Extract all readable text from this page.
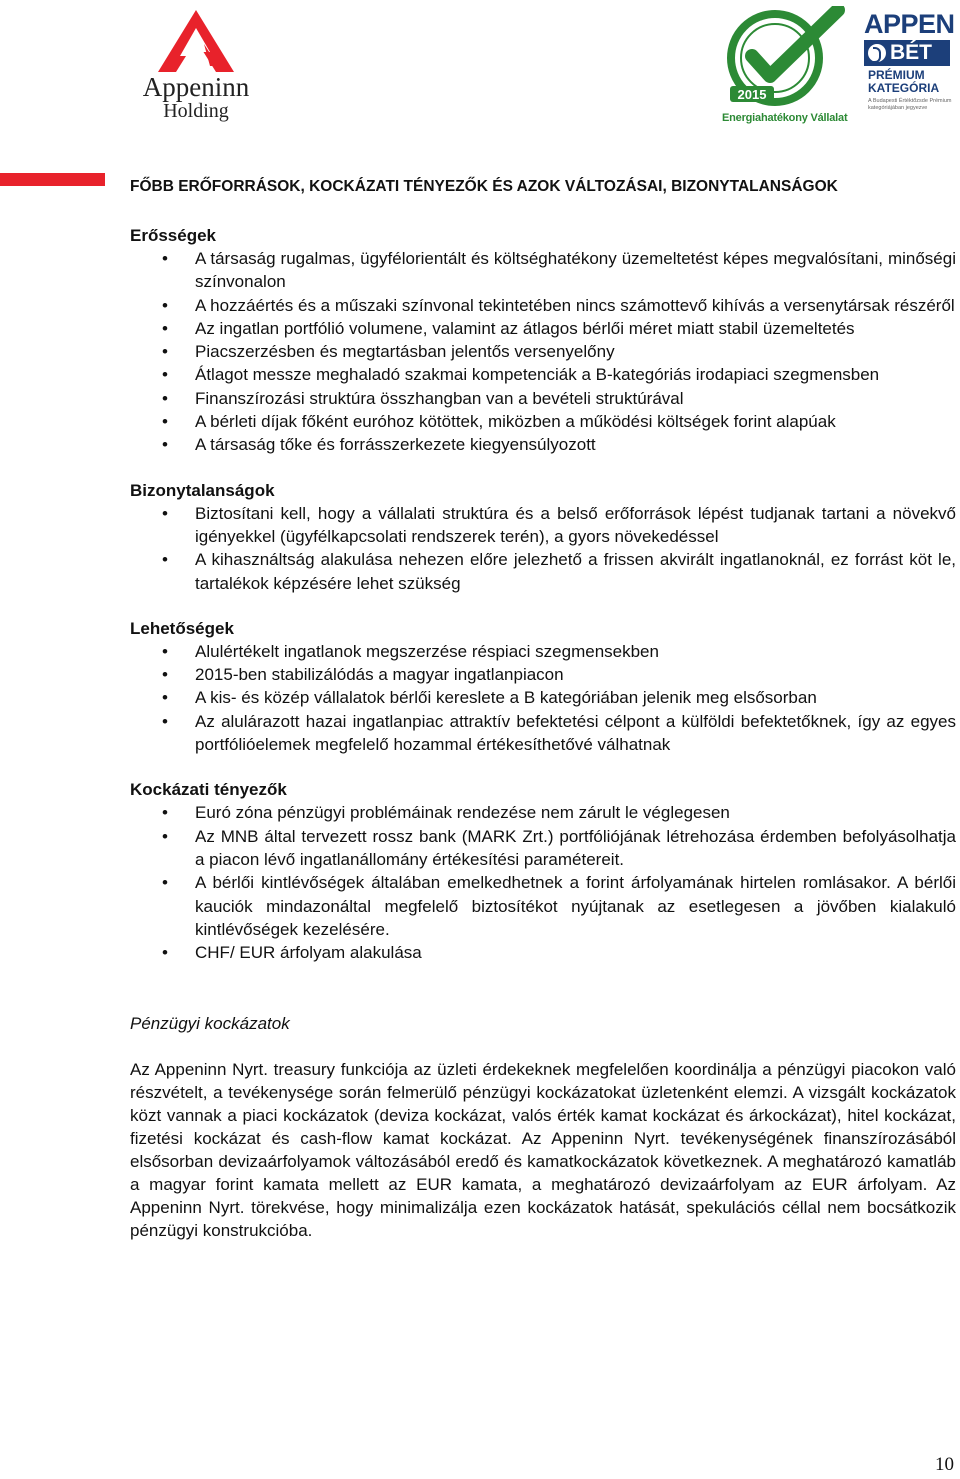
Appeninn
Holding
2015
Energiahatékony Vállalat
APPEN
BÉT
PRÉMIUM
KATEGÓRIA
A Budapesti Értéktőzsde Prémium kategóriájában jegyezve
FŐBB ERŐFORRÁSOK, KOCKÁZATI TÉNYEZŐK ÉS AZOK VÁLTOZÁSAI, BIZONYTALANSÁGOK
Erősségek
• A társaság rugalmas, ügyfélorientált és költséghatékony üzemeltetést képes megvalósítani, minőségi színvonalon
• A hozzáértés és a műszaki színvonal tekintetében nincs számottevő kihívás a versenytársak részéről
• Az ingatlan portfólió volumene, valamint az átlagos bérlői méret miatt stabil üzemeltetés
• Piacszerzésben és megtartásban jelentős versenyelőny
• Átlagot messze meghaladó szakmai kompetenciák a B-kategóriás irodapiaci szegmensben
• Finanszírozási struktúra összhangban van a bevételi struktúrával
• A bérleti díjak főként euróhoz kötöttek, miközben a működési költségek forint alapúak
• A társaság tőke és forrásszerkezete kiegyensúlyozott
Bizonytalanságok
• Biztosítani kell, hogy a vállalati struktúra és a belső erőforrások lépést tudjanak tartani a növekvő igényekkel (ügyfélkapcsolati rendszerek terén), a gyors növekedéssel
• A kihasználtság alakulása nehezen előre jelezhető a frissen akvirált ingatlanoknál, ez forrást köt le, tartalékok képzésére lehet szükség
Lehetőségek
• Alulértékelt ingatlanok megszerzése réspiaci szegmensekben
• 2015-ben stabilizálódás a magyar ingatlanpiacon
• A kis- és közép vállalatok bérlői kereslete a B kategóriában jelenik meg elsősorban
• Az alulárazott hazai ingatlanpiac attraktív befektetési célpont a külföldi befektetőknek, így az egyes portfólióelemek megfelelő hozammal értékesíthetővé válhatnak
Kockázati tényezők
• Euró zóna pénzügyi problémáinak rendezése nem zárult le véglegesen
• Az MNB által tervezett rossz bank (MARK Zrt.) portfóliójának létrehozása érdemben befolyásolhatja a piacon lévő ingatlanállomány értékesítési paramétereit.
• A bérlői kintlévőségek általában emelkedhetnek a forint árfolyamának hirtelen romlásakor. A bérlői kauciók mindazonáltal megfelelő biztosítékot nyújtanak az esetlegesen a jövőben kialakuló kintlévőségek kezelésére.
• CHF/ EUR árfolyam alakulása
Pénzügyi kockázatok

Az Appeninn Nyrt. treasury funkciója az üzleti érdekeknek megfelelően koordinálja a pénzügyi piacokon való részvételt, a tevékenysége során felmerülő pénzügyi kockázatokat üzletenként elemzi. A vizsgált kockázatok közt vannak a piaci kockázatok (deviza kockázat, valós érték kamat kockázat és árkockázat), hitel kockázat, fizetési kockázat és cash-flow kamat kockázat. Az Appeninn Nyrt. tevékenységének finanszírozásából elsősorban devizaárfolyamok változásából eredő és kamatkockázatok következnek. A meghatározó kamatláb a magyar forint kamata mellett az EUR kamata, a meghatározó devizaárfolyam az EUR árfolyam. Az Appeninn Nyrt. törekvése, hogy minimalizálja ezen kockázatok hatását, spekulációs céllal nem bocsátkozik pénzügyi konstrukcióba.

10
